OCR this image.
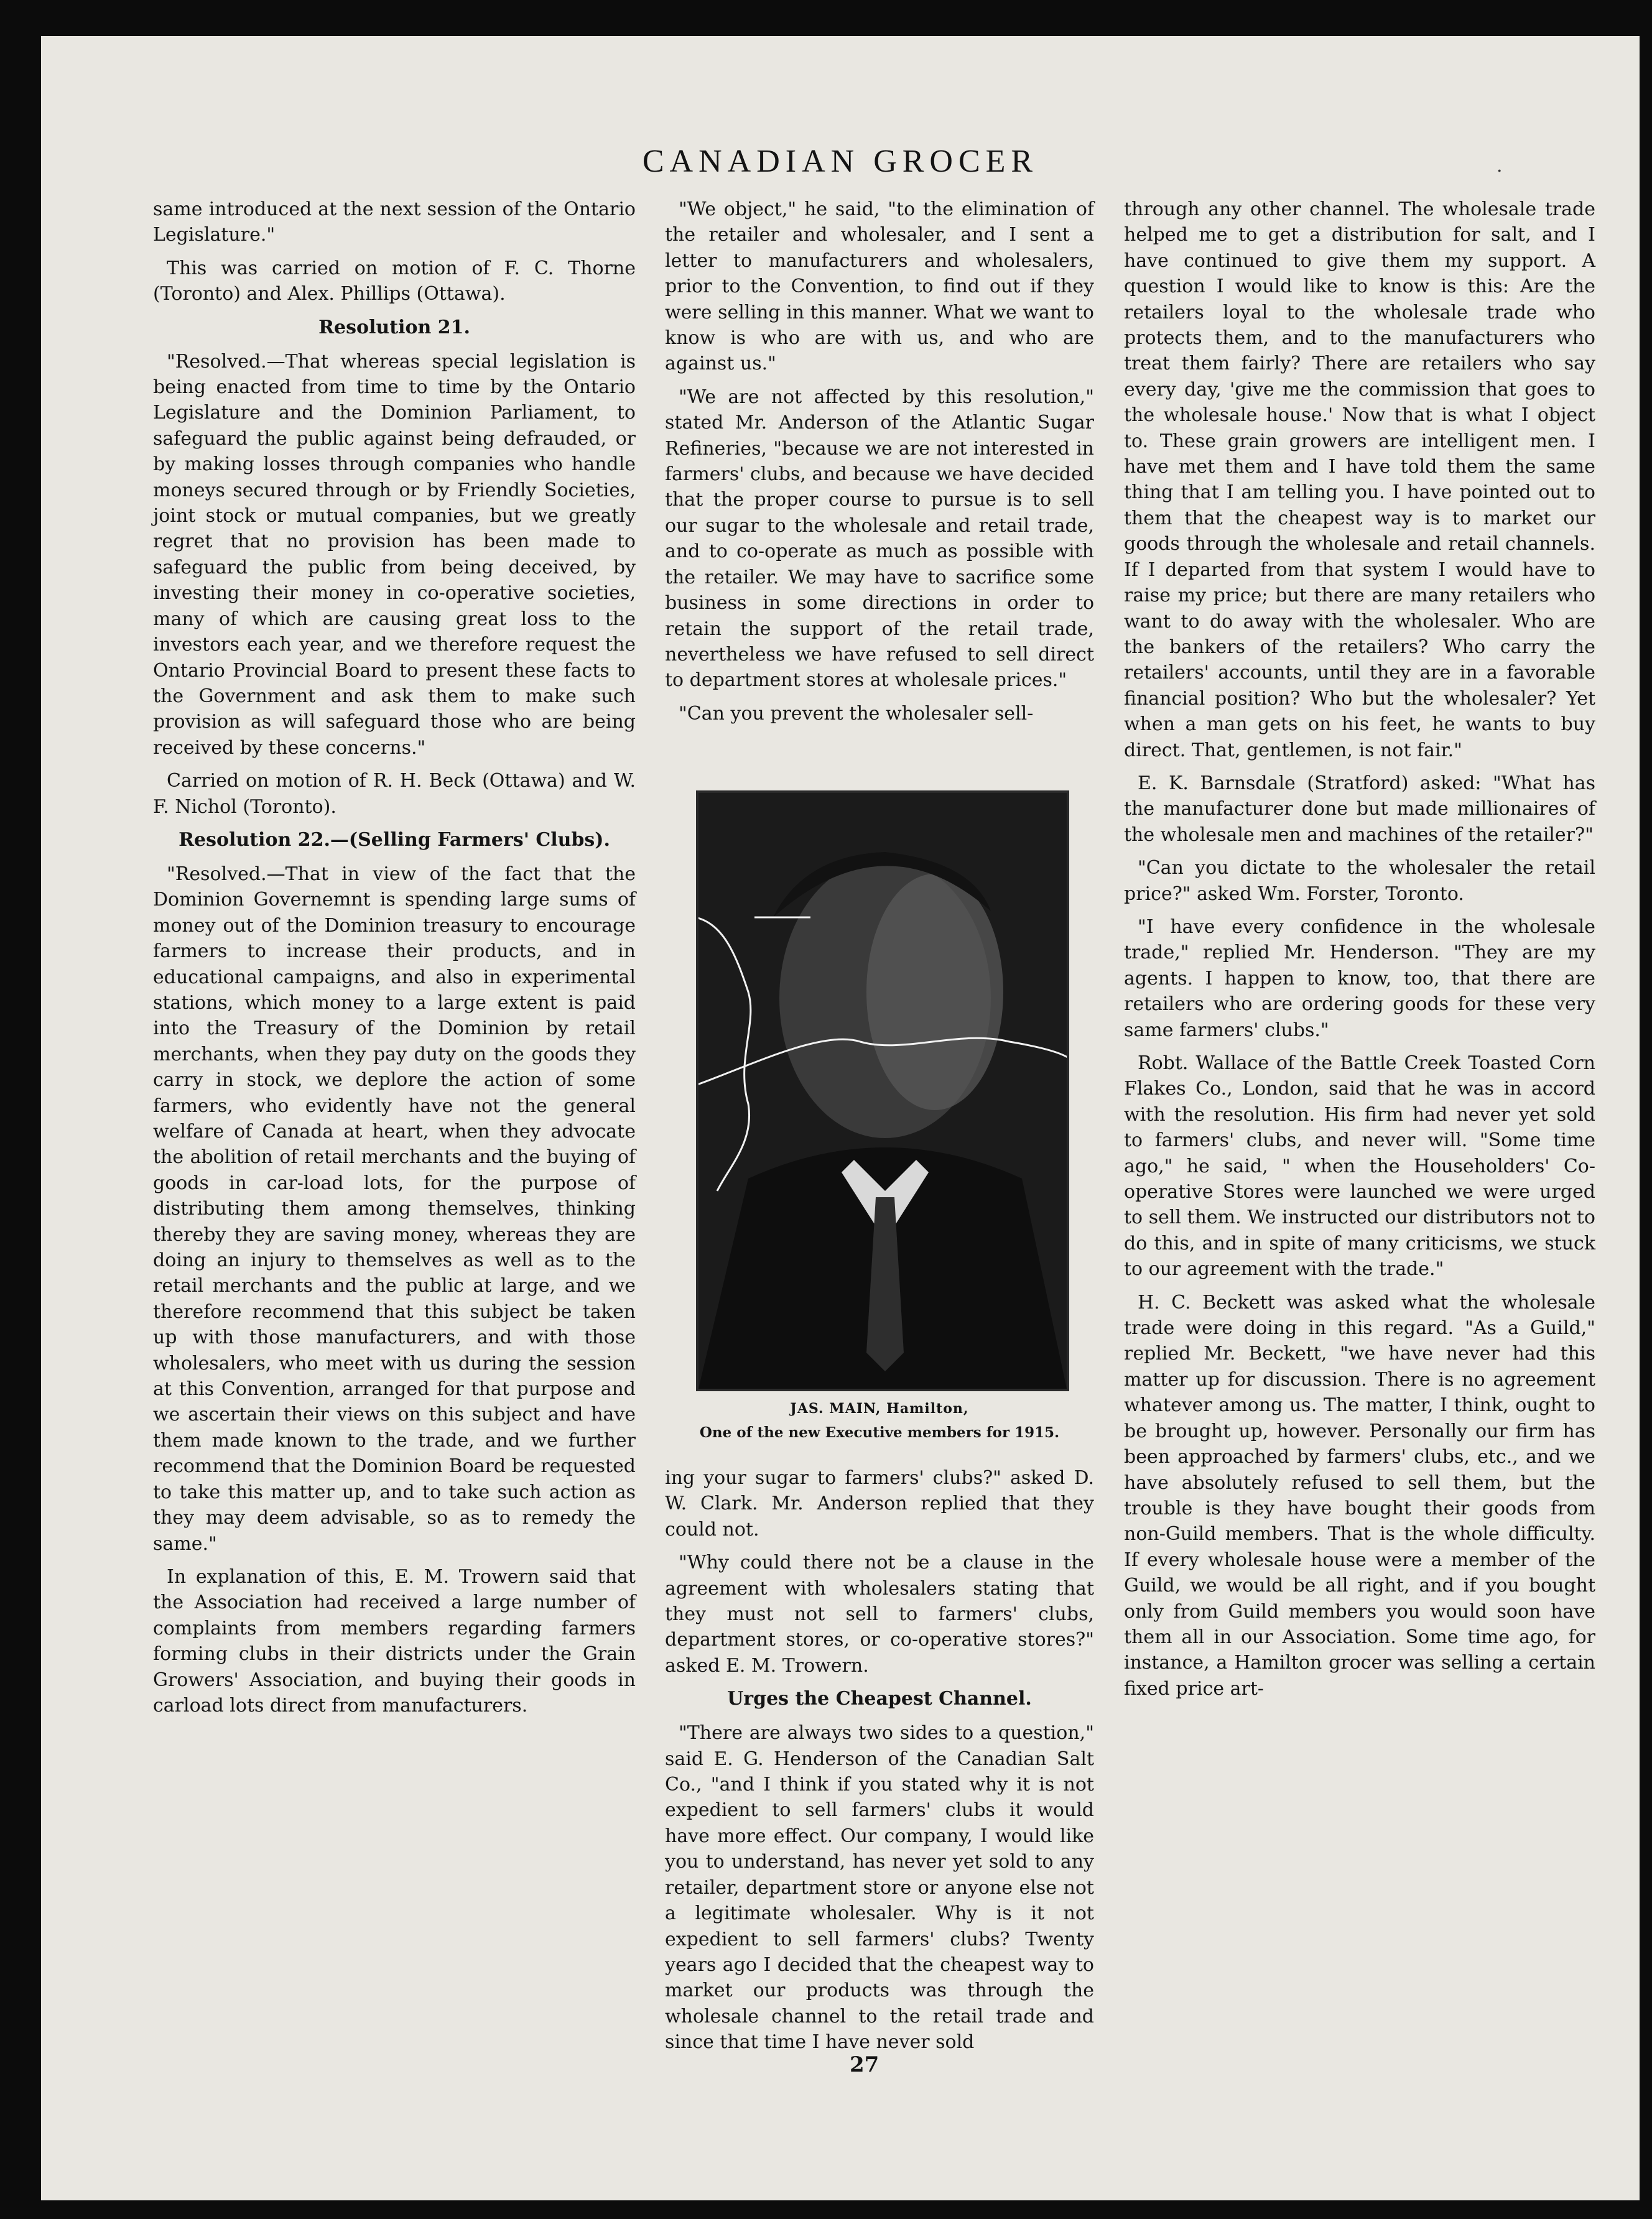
CANADIAN GROCER	·

same introduced at the next session of the Ontario Legislature."

This was carried on motion of F. C. Thorne (Toronto) and Alex. Phillips (Ottawa).

Resolution 21.

"Resolved.—That whereas special legislation is being enacted from time to time by the Ontario Legislature and the Dominion Parliament, to safeguard the public against being defrauded, or by making losses through companies who handle moneys secured through or by Friendly Societies, joint stock or mutual companies, but we greatly regret that no provision has been made to safeguard the public from being deceived, by investing their money in co-operative societies, many of which are causing great loss to the investors each year, and we therefore request the Ontario Provincial Board to present these facts to the Government and ask them to make such provision as will safeguard those who are being received by these concerns."

Carried on motion of R. H. Beck (Ottawa) and W. F. Nichol (Toronto).

Resolution 22.—(Selling Farmers' Clubs).

"Resolved.—That in view of the fact that the Dominion Governemnt is spending large sums of money out of the Dominion treasury to encourage farmers to increase their products, and in educational campaigns, and also in experimental stations, which money to a large extent is paid into the Treasury of the Dominion by retail merchants, when they pay duty on the goods they carry in stock, we deplore the action of some farmers, who evidently have not the general welfare of Canada at heart, when they advocate the abolition of retail merchants and the buying of goods in car-load lots, for the purpose of distributing them among themselves, thinking thereby they are saving money, whereas they are doing an injury to themselves as well as to the retail merchants and the public at large, and we therefore recommend that this subject be taken up with those manufacturers, and with those wholesalers, who meet with us during the session at this Convention, arranged for that purpose and we ascertain their views on this subject and have them made known to the trade, and we further recommend that the Dominion Board be requested to take this matter up, and to take such action as they may deem advisable, so as to remedy the same."

In explanation of this, E. M. Trowern said that the Association had received a large number of complaints from members regarding farmers forming clubs in their districts under the Grain Growers' Association, and buying their goods in carload lots direct from manufacturers.

"We object," he said, "to the elimination of the retailer and wholesaler, and I sent a letter to manufacturers and wholesalers, prior to the Convention, to find out if they were selling in this manner. What we want to know is who are with us, and who are against us."

"We are not affected by this resolution," stated Mr. Anderson of the Atlantic Sugar Refineries, "because we are not interested in farmers' clubs, and because we have decided that the proper course to pursue is to sell our sugar to the wholesale and retail trade, and to co-operate as much as possible with the retailer. We may have to sacrifice some business in some directions in order to retain the support of the retail trade, nevertheless we have refused to sell direct to department stores at wholesale prices."

"Can you prevent the wholesaler sell-

JAS. MAIN, Hamilton,
One of the new Executive members for 1915.

ing your sugar to farmers' clubs?" asked D. W. Clark. Mr. Anderson replied that they could not.

"Why could there not be a clause in the agreement with wholesalers stating that they must not sell to farmers' clubs, department stores, or co-operative stores?" asked E. M. Trowern.

Urges the Cheapest Channel.

"There are always two sides to a question," said E. G. Henderson of the Canadian Salt Co., "and I think if you stated why it is not expedient to sell farmers' clubs it would have more effect. Our company, I would like you to understand, has never yet sold to any retailer, department store or anyone else not a legitimate wholesaler. Why is it not expedient to sell farmers' clubs? Twenty years ago I decided that the cheapest way to market our products was through the wholesale channel to the retail trade and since that time I have never sold

through any other channel. The wholesale trade helped me to get a distribution for salt, and I have continued to give them my support. A question I would like to know is this: Are the retailers loyal to the wholesale trade who protects them, and to the manufacturers who treat them fairly? There are retailers who say every day, 'give me the commission that goes to the wholesale house.' Now that is what I object to. These grain growers are intelligent men. I have met them and I have told them the same thing that I am telling you. I have pointed out to them that the cheapest way is to market our goods through the wholesale and retail channels. If I departed from that system I would have to raise my price; but there are many retailers who want to do away with the wholesaler. Who are the bankers of the retailers? Who carry the retailers' accounts, until they are in a favorable financial position? Who but the wholesaler? Yet when a man gets on his feet, he wants to buy direct. That, gentlemen, is not fair."

E. K. Barnsdale (Stratford) asked: "What has the manufacturer done but made millionaires of the wholesale men and machines of the retailer?"

"Can you dictate to the wholesaler the retail price?" asked Wm. Forster, Toronto.

"I have every confidence in the wholesale trade," replied Mr. Henderson. "They are my agents. I happen to know, too, that there are retailers who are ordering goods for these very same farmers' clubs."

Robt. Wallace of the Battle Creek Toasted Corn Flakes Co., London, said that he was in accord with the resolution. His firm had never yet sold to farmers' clubs, and never will. "Some time ago," he said, " when the Householders' Co-operative Stores were launched we were urged to sell them. We instructed our distributors not to do this, and in spite of many criticisms, we stuck to our agreement with the trade."

H. C. Beckett was asked what the wholesale trade were doing in this regard. "As a Guild," replied Mr. Beckett, "we have never had this matter up for discussion. There is no agreement whatever among us. The matter, I think, ought to be brought up, however. Personally our firm has been approached by farmers' clubs, etc., and we have absolutely refused to sell them, but the trouble is they have bought their goods from non-Guild members. That is the whole difficulty. If every wholesale house were a member of the Guild, we would be all right, and if you bought only from Guild members you would soon have them all in our Association. Some time ago, for instance, a Hamilton grocer was selling a certain fixed price art-

27
